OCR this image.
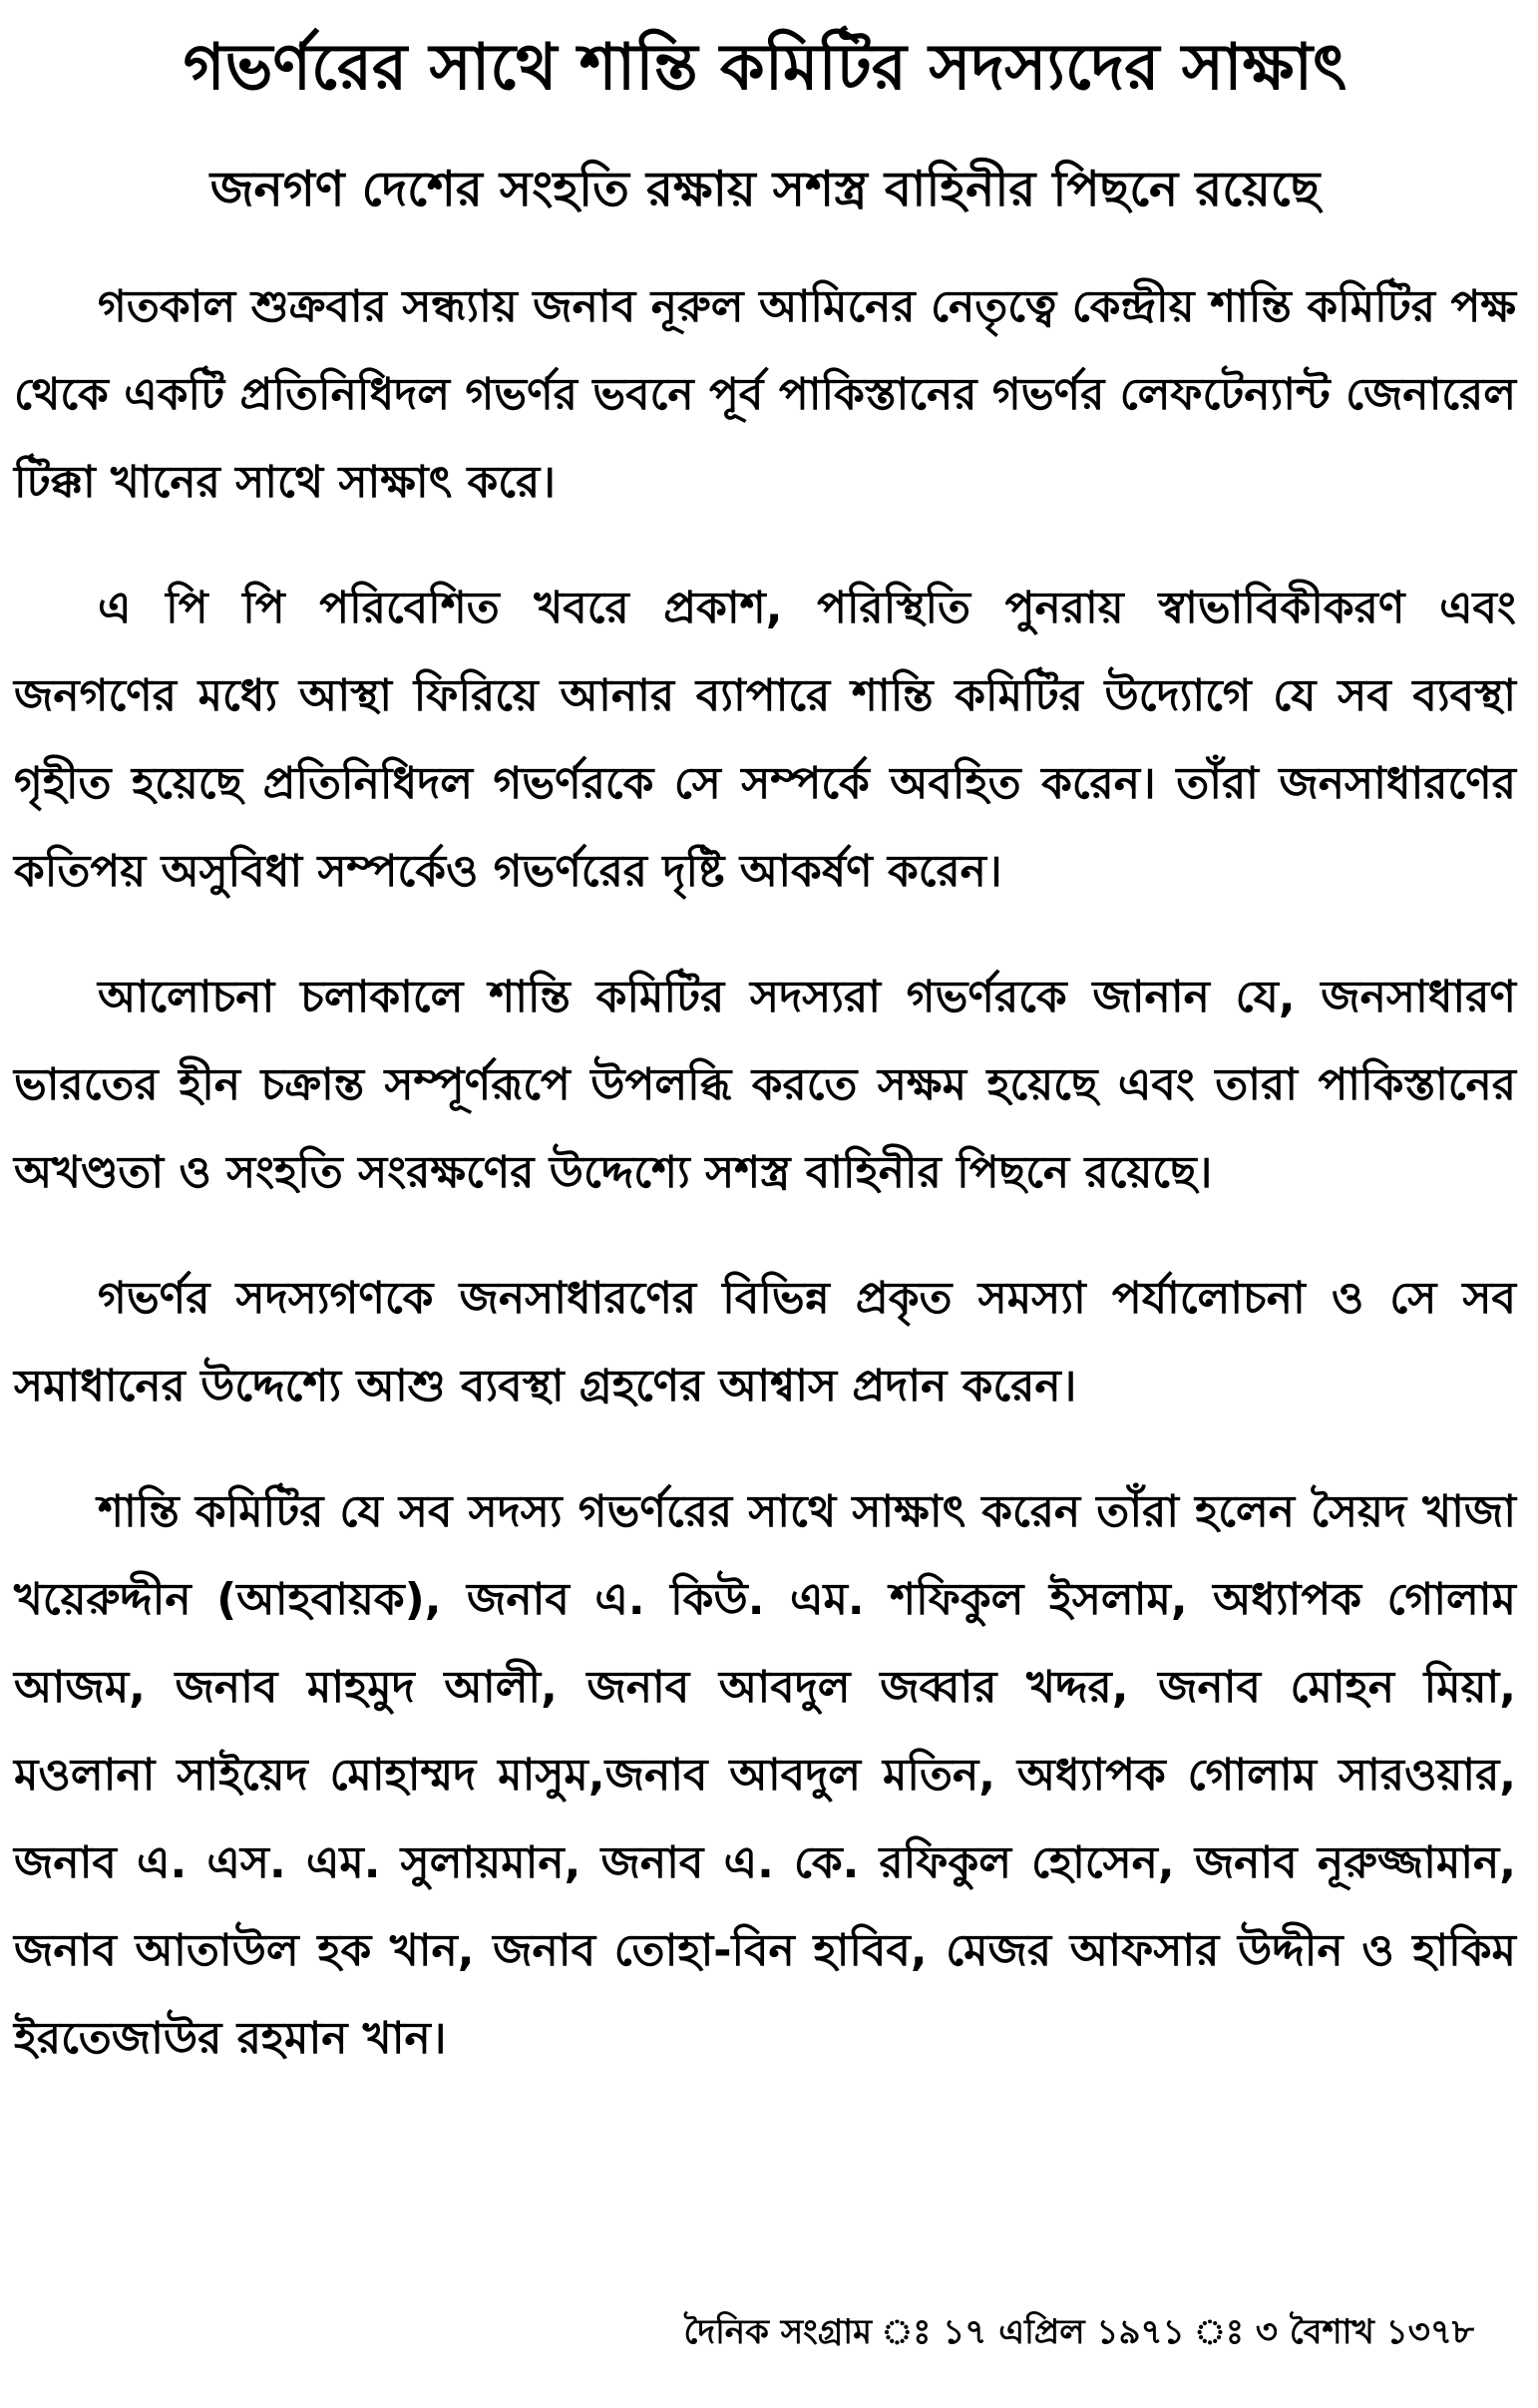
গভর্ণরের সাথে শান্তি কমিটির সদস্যদের সাক্ষাৎ
জনগণ দেশের সংহতি রক্ষায় সশস্ত্র বাহিনীর পিছনে রয়েছে

গতকাল শুক্রবার সন্ধ্যায় জনাব নূরুল আমিনের নেতৃত্বে কেন্দ্রীয় শান্তি কমিটির পক্ষ থেকে একটি প্রতিনিধিদল গভর্ণর ভবনে পূর্ব পাকিস্তানের গভর্ণর লেফটেন্যান্ট জেনারেল টিক্কা খানের সাথে সাক্ষাৎ করে।

এ পি পি পরিবেশিত খবরে প্রকাশ, পরিস্থিতি পুনরায় স্বাভাবিকীকরণ এবং জনগণের মধ্যে আস্থা ফিরিয়ে আনার ব্যাপারে শান্তি কমিটির উদ্যোগে যে সব ব্যবস্থা গৃহীত হয়েছে প্রতিনিধিদল গভর্ণরকে সে সম্পর্কে অবহিত করেন। তাঁরা জনসাধারণের কতিপয় অসুবিধা সম্পর্কেও গভর্ণরের দৃষ্টি আকর্ষণ করেন।

আলোচনা চলাকালে শান্তি কমিটির সদস্যরা গভর্ণরকে জানান যে, জনসাধারণ ভারতের হীন চক্রান্ত সম্পূর্ণরূপে উপলব্ধি করতে সক্ষম হয়েছে এবং তারা পাকিস্তানের অখণ্ডতা ও সংহতি সংরক্ষণের উদ্দেশ্যে সশস্ত্র বাহিনীর পিছনে রয়েছে।

গভর্ণর সদস্যগণকে জনসাধারণের বিভিন্ন প্রকৃত সমস্যা পর্যালোচনা ও সে সব সমাধানের উদ্দেশ্যে আশু ব্যবস্থা গ্রহণের আশ্বাস প্রদান করেন।

শান্তি কমিটির যে সব সদস্য গভর্ণরের সাথে সাক্ষাৎ করেন তাঁরা হলেন সৈয়দ খাজা খয়েরুদ্দীন (আহবায়ক), জনাব এ. কিউ. এম. শফিকুল ইসলাম, অধ্যাপক গোলাম আজম, জনাব মাহমুদ আলী, জনাব আবদুল জব্বার খদ্দর, জনাব মোহন মিয়া, মওলানা সাইয়েদ মোহাম্মদ মাসুম,জনাব আবদুল মতিন, অধ্যাপক গোলাম সারওয়ার, জনাব এ. এস. এম. সুলায়মান, জনাব এ. কে. রফিকুল হোসেন, জনাব নূরুজ্জামান, জনাব আতাউল হক খান, জনাব তোহা-বিন হাবিব, মেজর আফসার উদ্দীন ও হাকিম ইরতেজাউর রহমান খান।

দৈনিক সংগ্রাম ঃ ১৭ এপ্রিল ১৯৭১ ঃ ৩ বৈশাখ ১৩৭৮
